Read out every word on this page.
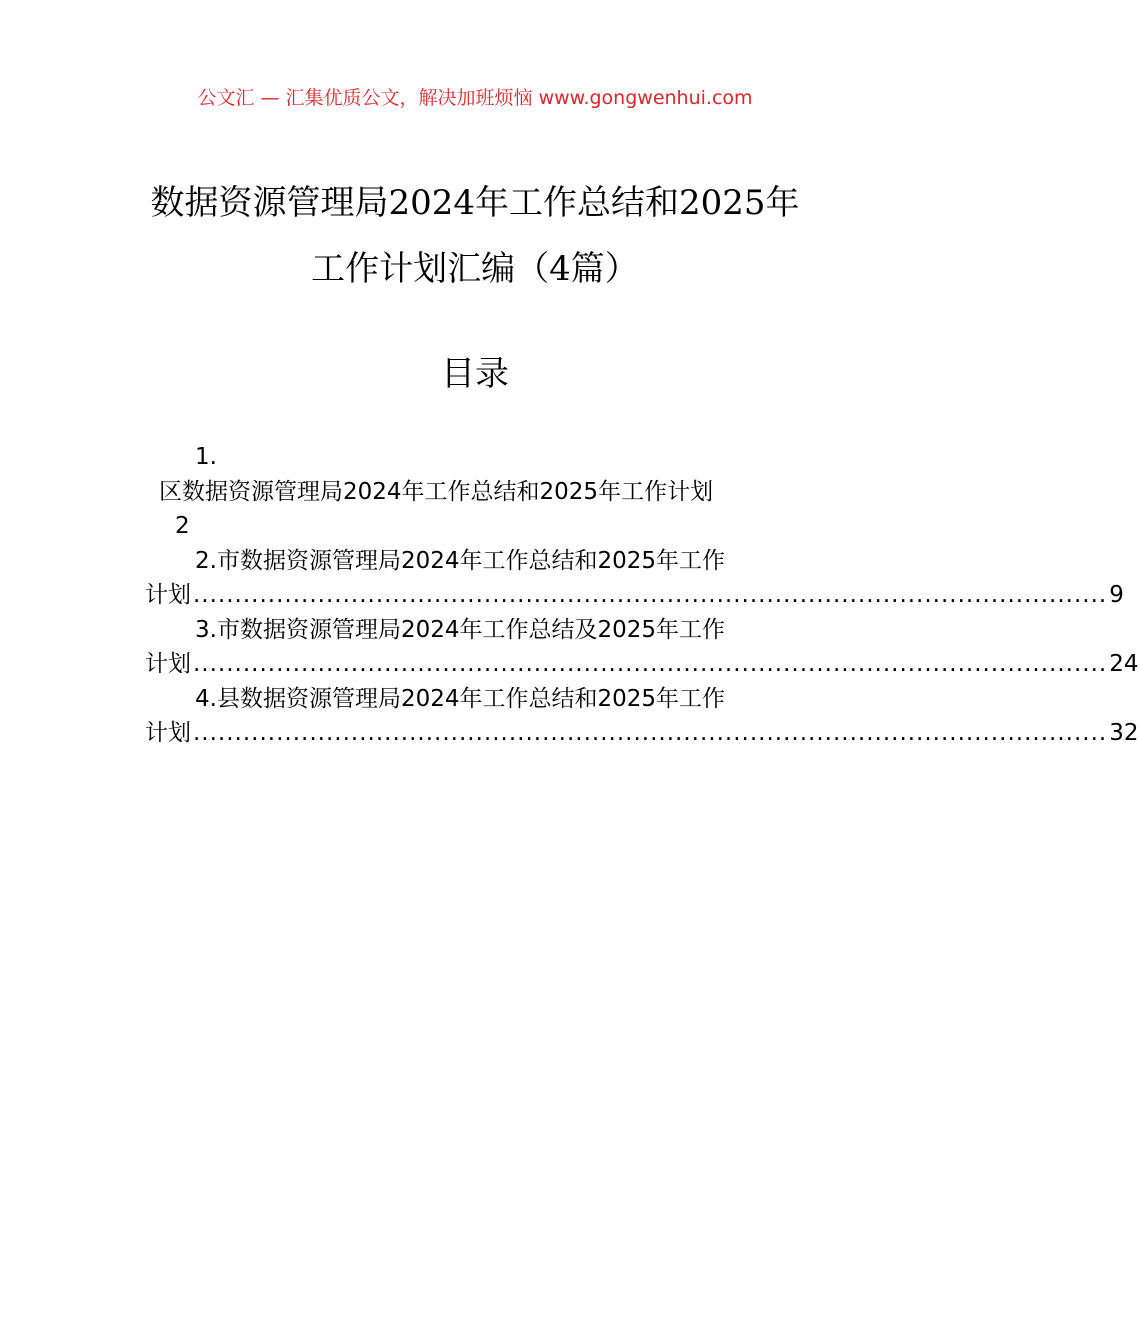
公文汇 — 汇集优质公文，解决加班烦恼 www.gongwenhui.com
数据资源管理局2024年工作总结和2025年
工作计划汇编（4篇）
目录
1.
区数据资源管理局2024年工作总结和2025年工作计划
2
2.市数据资源管理局2024年工作总结和2025年工作
计划 .............................................................................................................. 9
3.市数据资源管理局2024年工作总结及2025年工作
计划 .............................................................................................................. 24
4.县数据资源管理局2024年工作总结和2025年工作
计划 .............................................................................................................. 32
